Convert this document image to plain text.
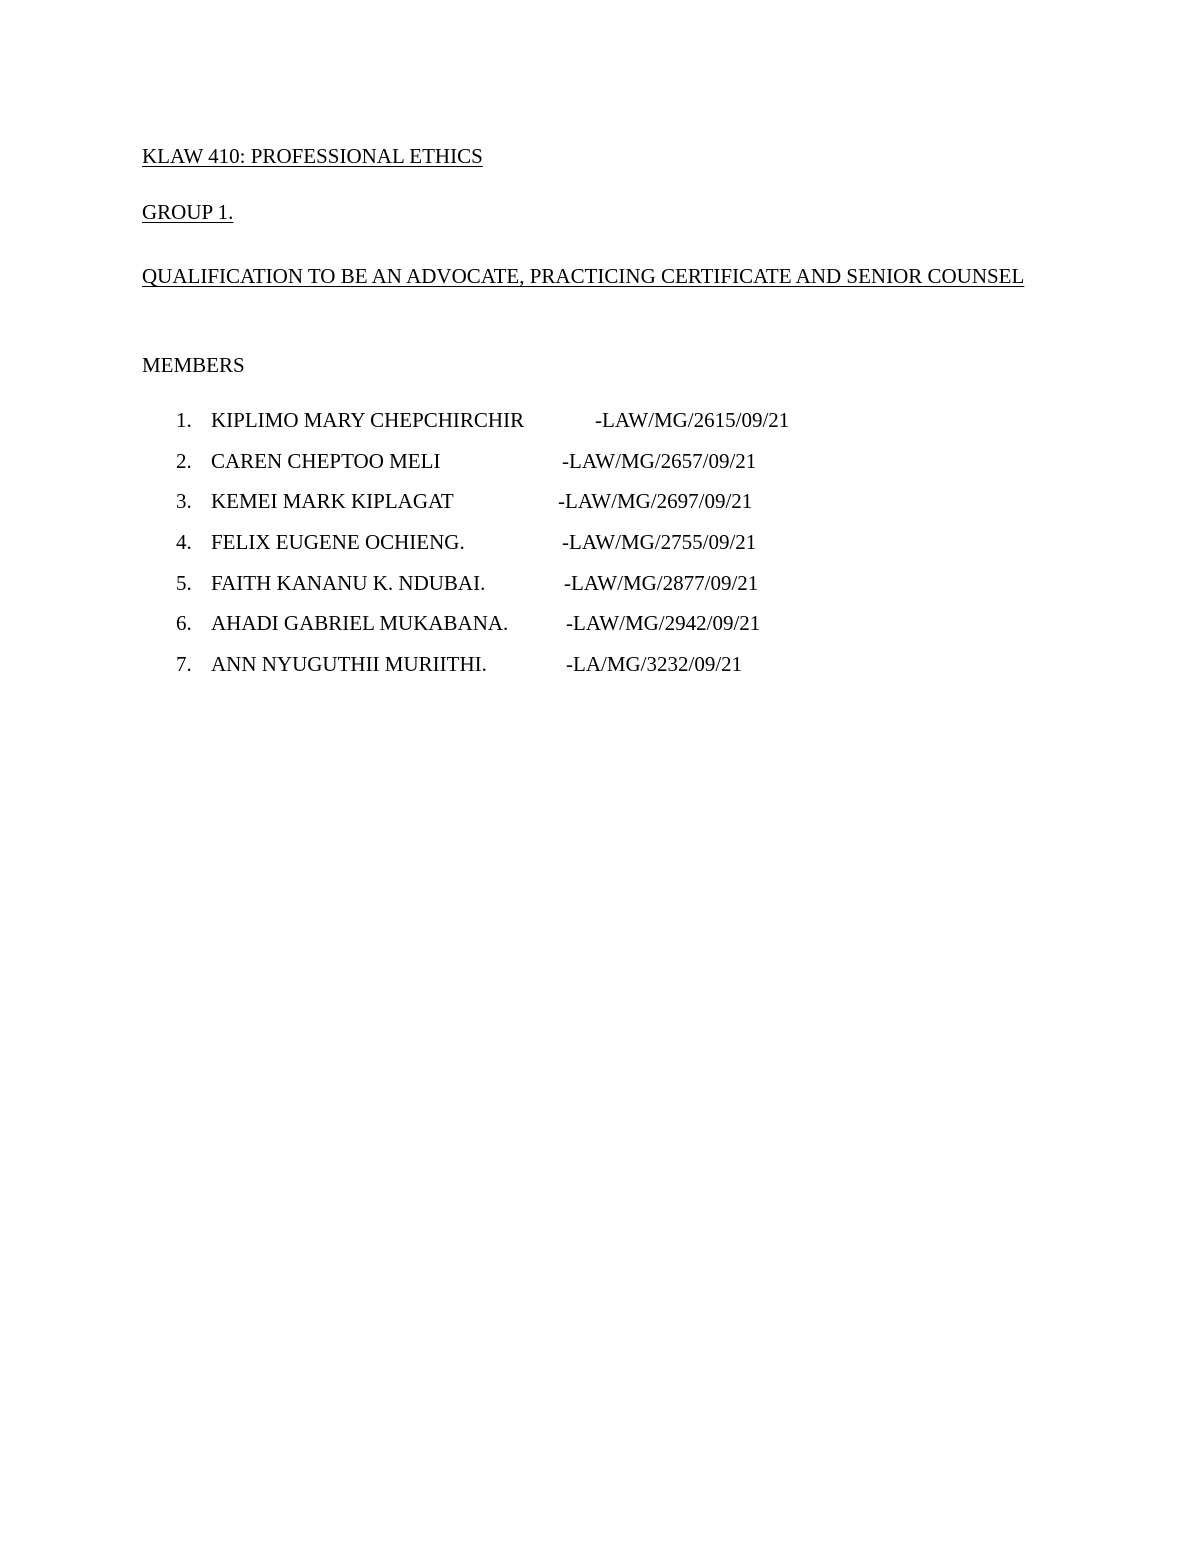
KLAW 410: PROFESSIONAL ETHICS
GROUP 1.
QUALIFICATION TO BE AN ADVOCATE, PRACTICING CERTIFICATE AND SENIOR COUNSEL
MEMBERS
1. KIPLIMO MARY CHEPCHIRCHIR	-LAW/MG/2615/09/21
2. CAREN CHEPTOO MELI	-LAW/MG/2657/09/21
3. KEMEI MARK KIPLAGAT	-LAW/MG/2697/09/21
4. FELIX EUGENE OCHIENG.	-LAW/MG/2755/09/21
5. FAITH KANANU K. NDUBAI.	-LAW/MG/2877/09/21
6. AHADI GABRIEL MUKABANA.	-LAW/MG/2942/09/21
7. ANN NYUGUTHII MURIITHI.	-LA/MG/3232/09/21
